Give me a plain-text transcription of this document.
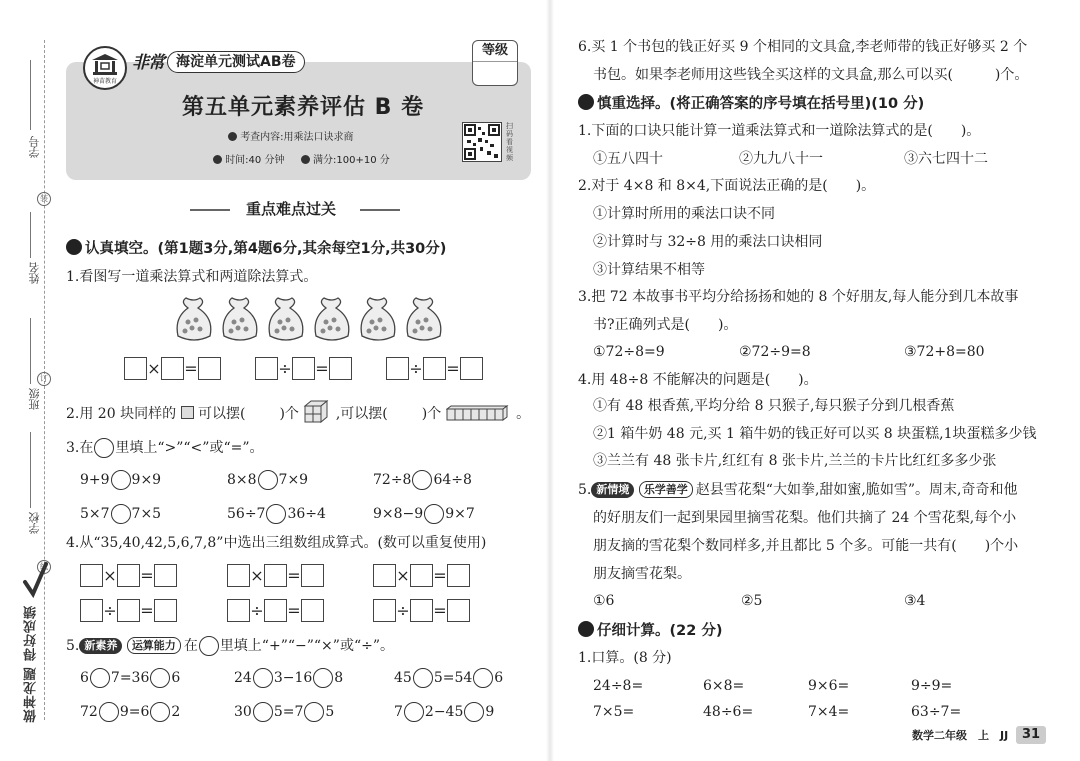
学号
姓名
班级
学校
装
订
线
做神龙题 得好成绩
神苗教育
非常 海淀单元测试AB卷
等级
第五单元素养评估 B 卷
考查内容:用乘法口诀求商
时间:40 分钟	满分:100+10 分
扫码看视频
重点难点过关
认真填空。(第1题3分,第4题6分,其余每空1分,共30分)
1.看图写一道乘法算式和两道除法算式。
× =	÷ =	÷ =
2.用 20 块同样的 可以摆( )个	,可以摆( )个	。
3.在 里填上“>”“<”或“=”。
9+9 9×9	8×8 7×9	72÷8 64÷8
5×7 7×5	56÷7 36÷4	9×8−9 9×7
4.从“35,40,42,5,6,7,8”中选出三组数组成算式。(数可以重复使用)
× =	× =	× =
÷ =	÷ =	÷ =
5. 新素养 运算能力 在 里填上“+”“−”“×”或“÷”。
6 7=36 6	24 3−16 8	45 5=54 6
72 9=6 2	30 5=7 5	7 2−45 9
6.买 1 个书包的钱正好买 9 个相同的文具盒,李老师带的钱正好够买 2 个
书包。如果李老师用这些钱全买这样的文具盒,那么可以买(　　　)个。
慎重选择。(将正确答案的序号填在括号里)(10 分)
1.下面的口诀只能计算一道乘法算式和一道除法算式的是(　　)。
①五八四十	②九九八十一	③六七四十二
2.对于 4×8 和 8×4,下面说法正确的是(　　)。
①计算时所用的乘法口诀不同
②计算时与 32÷8 用的乘法口诀相同
③计算结果不相等
3.把 72 本故事书平均分给扬扬和她的 8 个好朋友,每人能分到几本故事
书?正确列式是(　　)。
①72÷8=9	②72÷9=8	③72+8=80
4.用 48÷8 不能解决的问题是(　　)。
①有 48 根香蕉,平均分给 8 只猴子,每只猴子分到几根香蕉
②1 箱牛奶 48 元,买 1 箱牛奶的钱正好可以买 8 块蛋糕,1块蛋糕多少钱
③兰兰有 48 张卡片,红红有 8 张卡片,兰兰的卡片比红红多多少张
5. 新情境 乐学善学 赵县雪花梨“大如拳,甜如蜜,脆如雪”。周末,奇奇和他
的好朋友们一起到果园里摘雪花梨。他们共摘了 24 个雪花梨,每个小
朋友摘的雪花梨个数同样多,并且都比 5 个多。可能一共有(　　)个小
朋友摘雪花梨。
①6	②5	③4
仔细计算。(22 分)
1.口算。(8 分)
24÷8=	6×8=	9×6=	9÷9=
7×5=	48÷6=	7×4=	63÷7=
数学二年级　上　JJ	31
